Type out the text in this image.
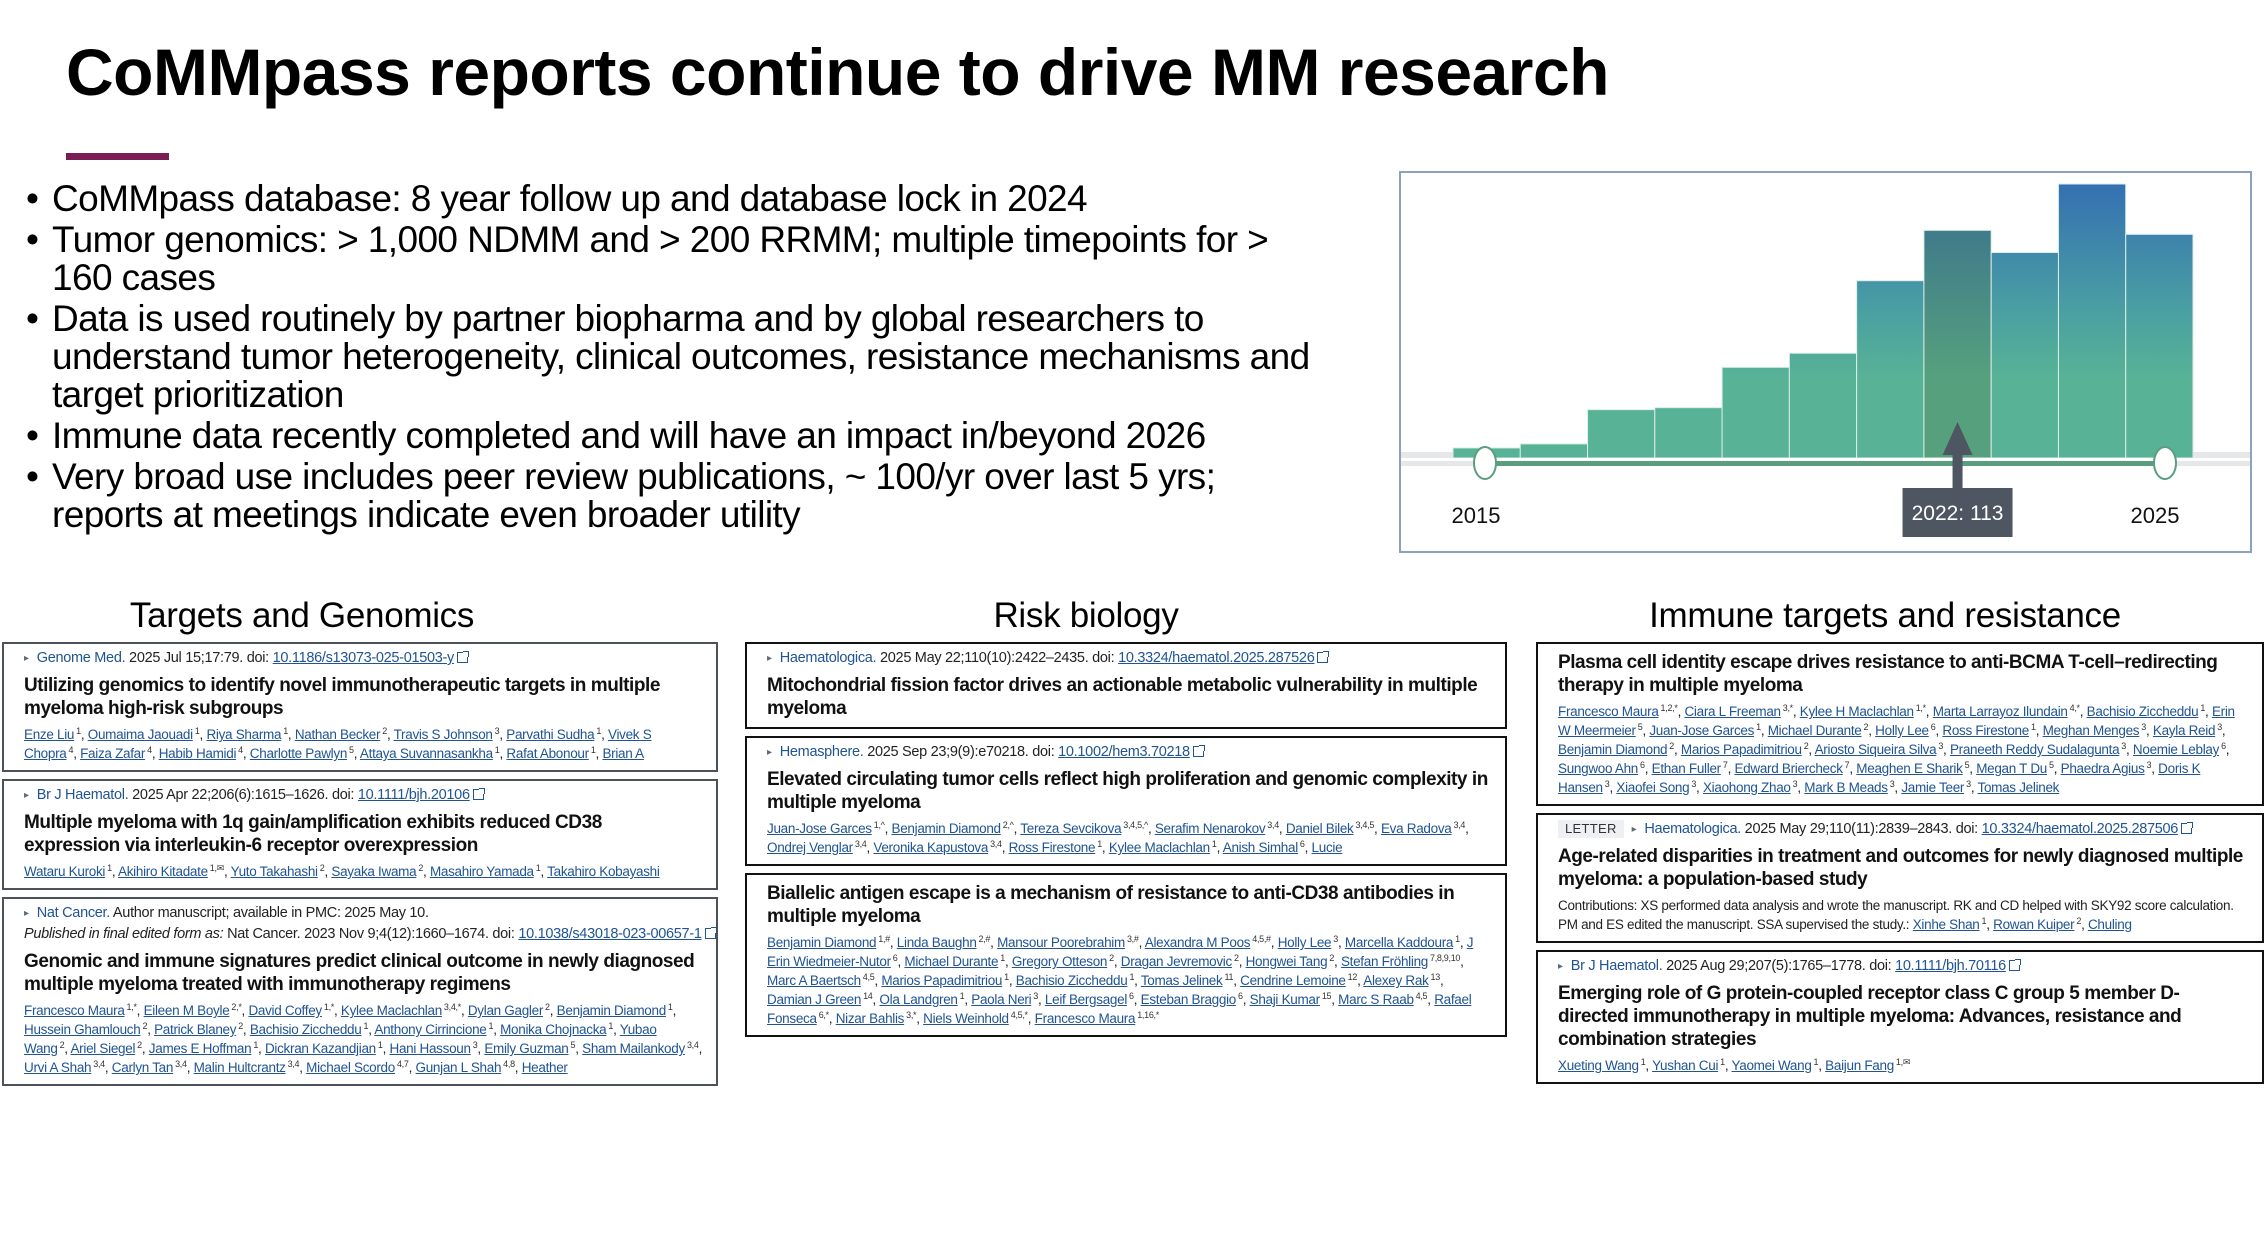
CoMMpass reports continue to drive MM research
• CoMMpass database: 8 year follow up and database lock in 2024
• Tumor genomics: > 1,000 NDMM and > 200 RRMM; multiple timepoints for > 160 cases
• Data is used routinely by partner biopharma and by global researchers to understand tumor heterogeneity, clinical outcomes, resistance mechanisms and target prioritization
• Immune data recently completed and will have an impact in/beyond 2026
• Very broad use includes peer review publications, ~ 100/yr over last 5 yrs; reports at meetings indicate even broader utility	2015	2025
2022: 113
Targets and Genomics	Risk biology	Immune targets and resistance
▸ Genome Med. 2025 Jul 15;17:79. doi: 10.1186/s13073-025-01503-y
Utilizing genomics to identify novel immunotherapeutic targets in multiple myeloma high-risk subgroups
Enze Liu $^1$, Oumaima Jaouadi $^1$, Riya Sharma $^1$, Nathan Becker $^2$, Travis S Johnson $^3$, Parvathi Sudha $^1$, Vivek S Chopra $^4$, Faiza Zafar $^4$, Habib Hamidi $^4$, Charlotte Pawlyn $^5$, Attaya Suvannasankha $^1$, Rafat Abonour $^1$, Brian A
▸ Br J Haematol. 2025 Apr 22;206(6):1615–1626. doi: 10.1111/bjh.20106
Multiple myeloma with 1q gain/amplification exhibits reduced CD38 expression via interleukin-6 receptor overexpression
Wataru Kuroki $^1$, Akihiro Kitadate $^{1,✉}$, Yuto Takahashi $^2$, Sayaka Iwama $^2$, Masahiro Yamada $^1$, Takahiro Kobayashi
▸ Nat Cancer. Author manuscript; available in PMC: 2025 May 10.
Published in final edited form as: Nat Cancer. 2023 Nov 9;4(12):1660–1674. doi: 10.1038/s43018-023-00657-1
Genomic and immune signatures predict clinical outcome in newly diagnosed multiple myeloma treated with immunotherapy regimens
Francesco Maura $^{1,*}$, Eileen M Boyle $^{2,*}$, David Coffey $^{1,*}$, Kylee Maclachlan $^{3,4,*}$, Dylan Gagler $^2$, Benjamin Diamond $^1$, Hussein Ghamlouch $^2$, Patrick Blaney $^2$, Bachisio Ziccheddu $^1$, Anthony Cirrincione $^1$, Monika Chojnacka $^1$, Yubao Wang $^2$, Ariel Siegel $^2$, James E Hoffman $^1$, Dickran Kazandjian $^1$, Hani Hassoun $^3$, Emily Guzman $^5$, Sham Mailankody $^{3,4}$, Urvi A Shah $^{3,4}$, Carlyn Tan $^{3,4}$, Malin Hultcrantz $^{3,4}$, Michael Scordo $^{4,7}$, Gunjan L Shah $^{4,8}$, Heather
▸ Haematologica. 2025 May 22;110(10):2422–2435. doi: 10.3324/haematol.2025.287526
Mitochondrial fission factor drives an actionable metabolic vulnerability in multiple myeloma
▸ Hemasphere. 2025 Sep 23;9(9):e70218. doi: 10.1002/hem3.70218
Elevated circulating tumor cells reflect high proliferation and genomic complexity in multiple myeloma
Juan-Jose Garces $^{1,\^{}}$, Benjamin Diamond $^{2,\^{}}$, Tereza Sevcikova $^{3,4,5,\^{}}$, Serafim Nenarokov $^{3,4}$, Daniel Bilek $^{3,4,5}$, Eva Radova $^{3,4}$, Ondrej Venglar $^{3,4}$, Veronika Kapustova $^{3,4}$, Ross Firestone $^1$, Kylee Maclachlan $^1$, Anish Simhal $^6$, Lucie
Biallelic antigen escape is a mechanism of resistance to anti-CD38 antibodies in multiple myeloma
Benjamin Diamond $^{1,\#}$, Linda Baughn $^{2,\#}$, Mansour Poorebrahim $^{3,\#}$, Alexandra M Poos $^{4,5,\#}$, Holly Lee $^3$, Marcella Kaddoura $^1$, J Erin Wiedmeier-Nutor $^6$, Michael Durante $^1$, Gregory Otteson $^2$, Dragan Jevremovic $^2$, Hongwei Tang $^2$, Stefan Fröhling $^{7,8,9,10}$, Marc A Baertsch $^{4,5}$, Marios Papadimitriou $^1$, Bachisio Ziccheddu $^1$, Tomas Jelinek $^{11}$, Cendrine Lemoine $^{12}$, Alexey Rak $^{13}$, Damian J Green $^{14}$, Ola Landgren $^1$, Paola Neri $^3$, Leif Bergsagel $^6$, Esteban Braggio $^6$, Shaji Kumar $^{15}$, Marc S Raab $^{4,5}$, Rafael Fonseca $^{6,*}$, Nizar Bahlis $^{3,*}$, Niels Weinhold $^{4,5,*}$, Francesco Maura $^{1,16,*}$
Plasma cell identity escape drives resistance to anti-BCMA T-cell–redirecting therapy in multiple myeloma
Francesco Maura $^{1,2,*}$, Ciara L Freeman $^{3,*}$, Kylee H Maclachlan $^{1,*}$, Marta Larrayoz Ilundain $^{4,*}$, Bachisio Ziccheddu $^1$, Erin W Meermeier $^5$, Juan-Jose Garces $^1$, Michael Durante $^2$, Holly Lee $^6$, Ross Firestone $^1$, Meghan Menges $^3$, Kayla Reid $^3$, Benjamin Diamond $^2$, Marios Papadimitriou $^2$, Ariosto Siqueira Silva $^3$, Praneeth Reddy Sudalagunta $^3$, Noemie Leblay $^6$, Sungwoo Ahn $^6$, Ethan Fuller $^7$, Edward Briercheck $^7$, Meaghen E Sharik $^5$, Megan T Du $^5$, Phaedra Agius $^3$, Doris K Hansen $^3$, Xiaofei Song $^3$, Xiaohong Zhao $^3$, Mark B Meads $^3$, Jamie Teer $^3$, Tomas Jelinek
LETTER ▸ Haematologica. 2025 May 29;110(11):2839–2843. doi: 10.3324/haematol.2025.287506
Age-related disparities in treatment and outcomes for newly diagnosed multiple myeloma: a population-based study
Contributions: XS performed data analysis and wrote the manuscript. RK and CD helped with SKY92 score calculation. PM and ES edited the manuscript. SSA supervised the study.: Xinhe Shan $^1$, Rowan Kuiper $^2$, Chuling
▸ Br J Haematol. 2025 Aug 29;207(5):1765–1778. doi: 10.1111/bjh.70116
Emerging role of G protein-coupled receptor class C group 5 member D-directed immunotherapy in multiple myeloma: Advances, resistance and combination strategies
Xueting Wang $^1$, Yushan Cui $^1$, Yaomei Wang $^1$, Baijun Fang $^{1,✉}$
